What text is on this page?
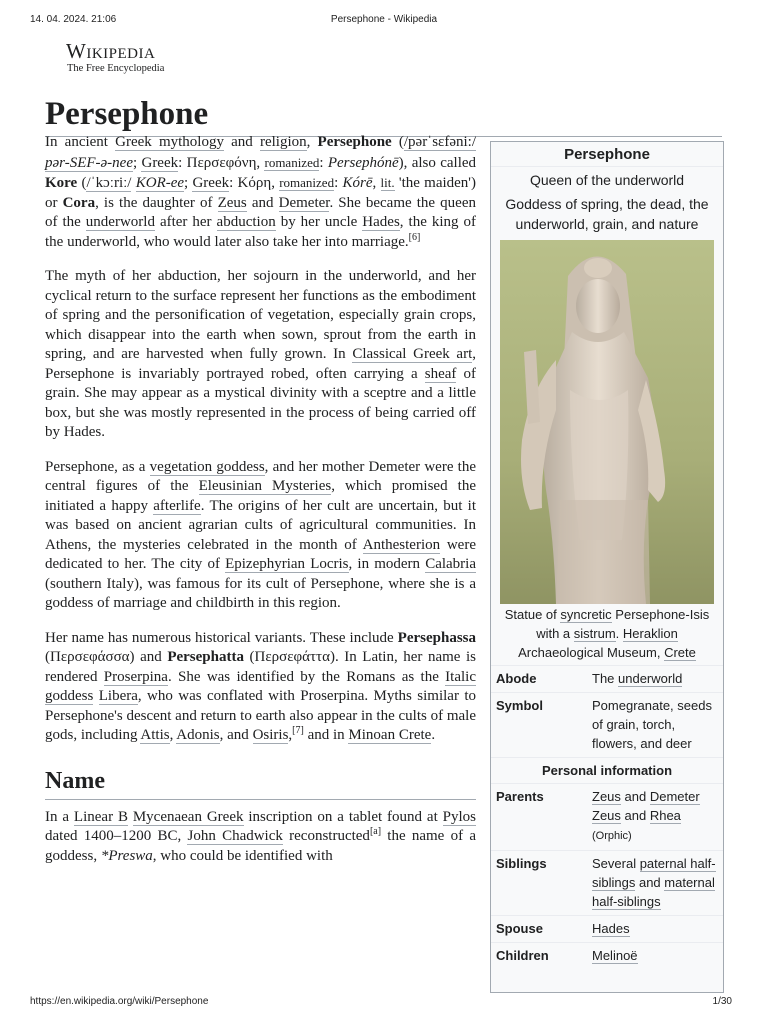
14. 04. 2024. 21:06	Persephone - Wikipedia
Wikipedia
The Free Encyclopedia
Persephone

In ancient Greek mythology and religion, Persephone (/pərˈsɛfəni:/ pər-SEF-ə-nee; Greek: Περσεφόνη, romanized: Persephónē), also called Kore (/ˈkɔːriː/ KOR-ee; Greek: Κόρη, romanized: Kórē, lit. 'the maiden') or Cora, is the daughter of Zeus and Demeter. She became the queen of the underworld after her abduction by her uncle Hades, the king of the underworld, who would later also take her into marriage.[6]

The myth of her abduction, her sojourn in the underworld, and her cyclical return to the surface represent her functions as the embodiment of spring and the personification of vegetation, especially grain crops, which disappear into the earth when sown, sprout from the earth in spring, and are harvested when fully grown. In Classical Greek art, Persephone is invariably portrayed robed, often carrying a sheaf of grain. She may appear as a mystical divinity with a sceptre and a little box, but she was mostly represented in the process of being carried off by Hades.

Persephone, as a vegetation goddess, and her mother Demeter were the central figures of the Eleusinian Mysteries, which promised the initiated a happy afterlife. The origins of her cult are uncertain, but it was based on ancient agrarian cults of agricultural communities. In Athens, the mysteries celebrated in the month of Anthesterion were dedicated to her. The city of Epizephyrian Locris, in modern Calabria (southern Italy), was famous for its cult of Persephone, where she is a goddess of marriage and childbirth in this region.

Her name has numerous historical variants. These include Persephassa (Περσεφάσσα) and Persephatta (Περσεφάττα). In Latin, her name is rendered Proserpina. She was identified by the Romans as the Italic goddess Libera, who was conflated with Proserpina. Myths similar to Persephone's descent and return to earth also appear in the cults of male gods, including Attis, Adonis, and Osiris,[7] and in Minoan Crete.

Name

In a Linear B Mycenaean Greek inscription on a tablet found at Pylos dated 1400–1200 BC, John Chadwick reconstructed[a] the name of a goddess, *Preswa, who could be identified with

Persephone
Queen of the underworld
Goddess of spring, the dead, the underworld, grain, and nature
Statue of syncretic Persephone-Isis with a sistrum. Heraklion Archaeological Museum, Crete
Abode	The underworld
Symbol	Pomegranate, seeds of grain, torch, flowers, and deer
Personal information
Parents	Zeus and Demeter
Zeus and Rhea
(Orphic)
Siblings	Several paternal half-siblings and maternal half-siblings
Spouse	Hades
Children	Melinoë
https://en.wikipedia.org/wiki/Persephone	1/30
